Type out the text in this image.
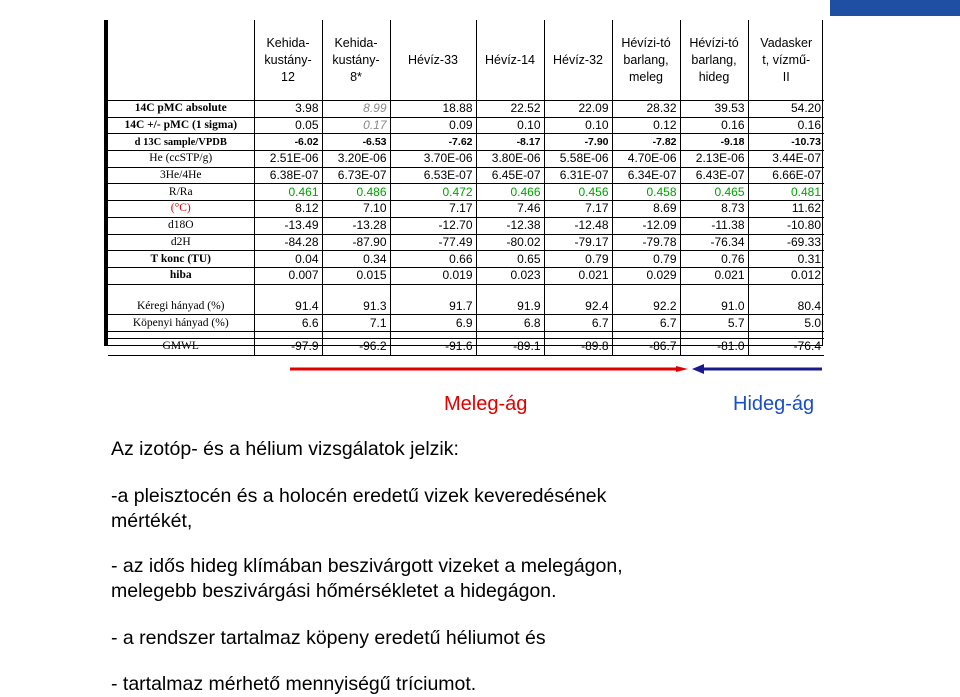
	Kehida-
kustány-
12	Kehida-
kustány-
8*	Hévíz-33	Hévíz-14	Hévíz-32	Hévízi-tó
barlang,
meleg	Hévízi-tó
barlang,
hideg	Vadasker
t, vízmű-
II
14C pMC absolute	3.98	8.99	18.88	22.52	22.09	28.32	39.53	54.20
14C +/- pMC (1 sigma)	0.05	0.17	0.09	0.10	0.10	0.12	0.16	0.16
d 13C sample/VPDB	-6.02	-6.53	-7.62	-8.17	-7.90	-7.82	-9.18	-10.73
He (ccSTP/g)	2.51E-06	3.20E-06	3.70E-06	3.80E-06	5.58E-06	4.70E-06	2.13E-06	3.44E-07
3He/4He	6.38E-07	6.73E-07	6.53E-07	6.45E-07	6.31E-07	6.34E-07	6.43E-07	6.66E-07
R/Ra	0.461	0.486	0.472	0.466	0.456	0.458	0.465	0.481
(°C)	8.12	7.10	7.17	7.46	7.17	8.69	8.73	11.62
d18O	-13.49	-13.28	-12.70	-12.38	-12.48	-12.09	-11.38	-10.80
d2H	-84.28	-87.90	-77.49	-80.02	-79.17	-79.78	-76.34	-69.33
T konc (TU)	0.04	0.34	0.66	0.65	0.79	0.79	0.76	0.31
hiba	0.007	0.015	0.019	0.023	0.021	0.029	0.021	0.012

Kéregi hányad (%)	91.4	91.3	91.7	91.9	92.4	92.2	91.0	80.4
Köpenyi hányad (%)	6.6	7.1	6.9	6.8	6.7	6.7	5.7	5.0

GMWL	-97.9	-96.2	-91.6	-89.1	-89.8	-86.7	-81.0	-76.4
Meleg-ág	Hideg-ág

Az izotóp- és a hélium vizsgálatok jelzik:

-a pleisztocén és a holocén eredetű vizek keveredésének

mértékét,

- az idős hideg klímában beszivárgott vizeket a melegágon,

melegebb beszivárgási hőmérsékletet a hidegágon.

- a rendszer tartalmaz köpeny eredetű héliumot és

- tartalmaz mérhető mennyiségű tríciumot.
